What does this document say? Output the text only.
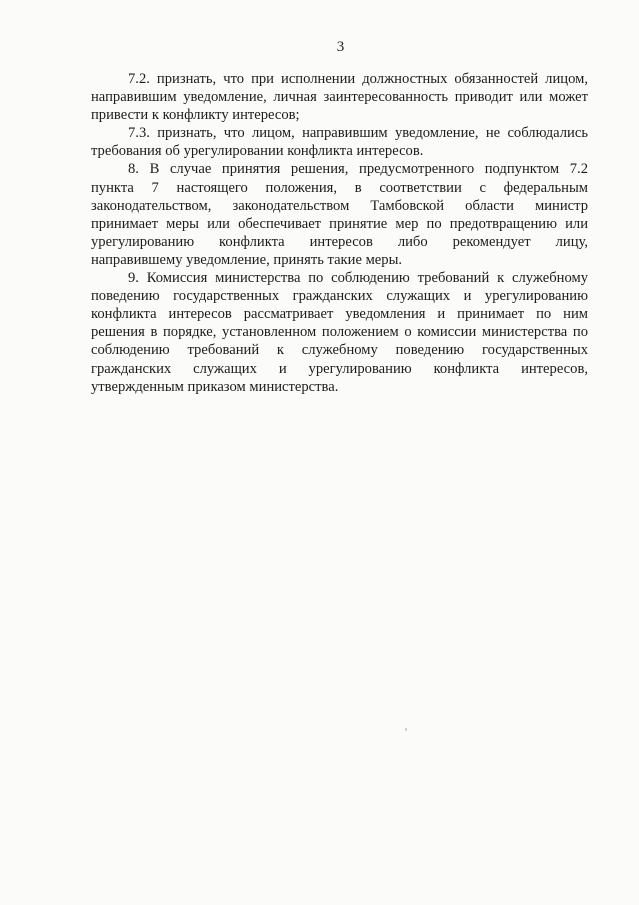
3

7.2. признать, что при исполнении должностных обязанностей лицом,
направившим уведомление, личная заинтересованность приводит или может
привести к конфликту интересов;

7.3. признать, что лицом, направившим уведомление, не соблюдались
требования об урегулировании конфликта интересов.

8. В случае принятия решения, предусмотренного подпунктом 7.2
пункта 7 настоящего положения, в соответствии с федеральным
законодательством, законодательством Тамбовской области министр
принимает меры или обеспечивает принятие мер по предотвращению или
урегулированию конфликта интересов либо рекомендует лицу,
направившему уведомление, принять такие меры.

9. Комиссия министерства по соблюдению требований к служебному
поведению государственных гражданских служащих и урегулированию
конфликта интересов рассматривает уведомления и принимает по ним
решения в порядке, установленном положением о комиссии министерства по
соблюдению требований к служебному поведению государственных
гражданских служащих и урегулированию конфликта интересов,
утвержденным приказом министерства.
